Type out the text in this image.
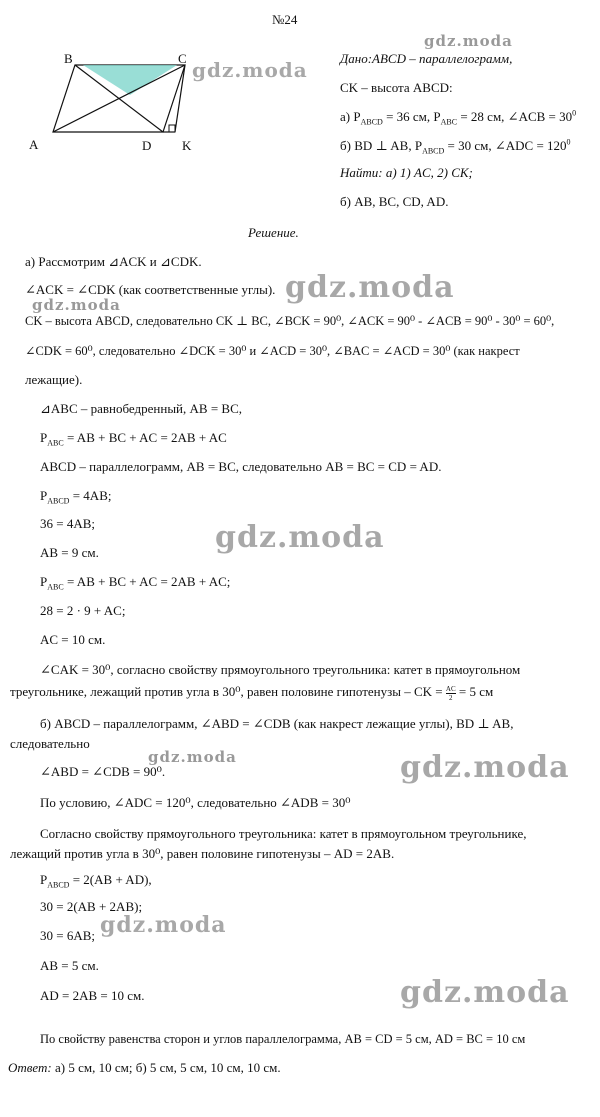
№24
B	C
A	D K
gdz.moda
gdz.moda
Дано:ABCD – параллелограмм,
CK – высота ABCD:
а) $P_{ABCD} = 36$ см, $P_{ABC} = 28$ см, ∠ACB = $30^0$
б) BD ⊥ AB, $P_{ABCD} = 30$ см, ∠ADC = $120^0$
Найти: а) 1) AC, 2) CK;
б) AB, BC, CD, AD.
Решение.
а) Рассмотрим ⊿ACK и ⊿CDK.
∠ACK = ∠CDK (как соответственные углы). gdz.moda
gdz.moda
CK – высота ABCD, следовательно CK ⊥ BC, ∠BCK = 90⁰, ∠ACK = 90⁰ - ∠ACB = 90⁰ - 30⁰ = 60⁰,
∠CDK = 60⁰, следовательно ∠DCK = 30⁰ и ∠ACD = 30⁰, ∠BAC = ∠ACD = 30⁰ (как накрест
лежащие).
⊿ABC – равнобедренный, AB = BC,
$P_{ABC}$ = AB + BC + AC = 2AB + AC
ABCD – параллелограмм, AB = BC, следовательно AB = BC = CD = AD.
$P_{ABCD} = 4AB$;
36 = 4AB;	gdz.moda
AB = 9 см.
$P_{ABC}$ = AB + BC + AC = 2AB + AC;
28 = 2 · 9 + AC;
AC = 10 см.
∠CAK = 30⁰, согласно свойству прямоугольного треугольника: катет в прямоугольном
треугольнике, лежащий против угла в 30⁰, равен половине гипотенузы – CK = $\frac{AC}{2} = 5$ см
б) ABCD – параллелограмм, ∠ABD = ∠CDB (как накрест лежащие углы), BD ⊥ AB,
следовательно
gdz.moda
∠ABD = ∠CDB = 90⁰.	gdz.moda
По условию, ∠ADC = 120⁰, следовательно ∠ADB = 30⁰
Согласно свойству прямоугольного треугольника: катет в прямоугольном треугольнике,
лежащий против угла в 30⁰, равен половине гипотенузы – AD = 2AB.
$P_{ABCD} = 2(AB + AD)$,
30 = 2(AB + 2AB);
30 = 6AB; gdz.moda
AB = 5 см.
AD = 2AB = 10 см.	gdz.moda
По свойству равенства сторон и углов параллелограмма, AB = CD = 5 см, AD = BC = 10 см
Ответ: а) 5 см, 10 см; б) 5 см, 5 см, 10 см, 10 см.
